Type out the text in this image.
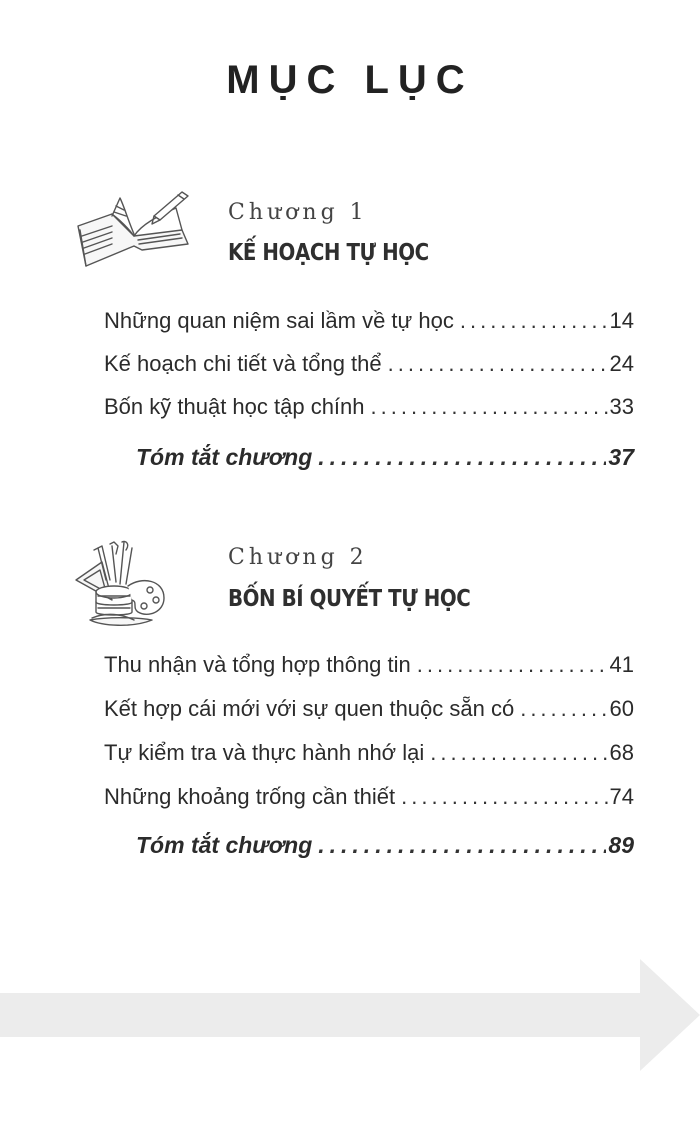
MỤC LỤC
Chương 1
KẾ HOẠCH TỰ HỌC
Những quan niệm sai lầm về tự học .....	14
Kế hoạch chi tiết và tổng thể .....	24
Bốn kỹ thuật học tập chính .....	33
Tóm tắt chương .....	37
Chương 2
BỐN BÍ QUYẾT TỰ HỌC
Thu nhận và tổng hợp thông tin .....	41
Kết hợp cái mới với sự quen thuộc sẵn có .....	60
Tự kiểm tra và thực hành nhớ lại .....	68
Những khoảng trống cần thiết .....	74
Tóm tắt chương .....	89
